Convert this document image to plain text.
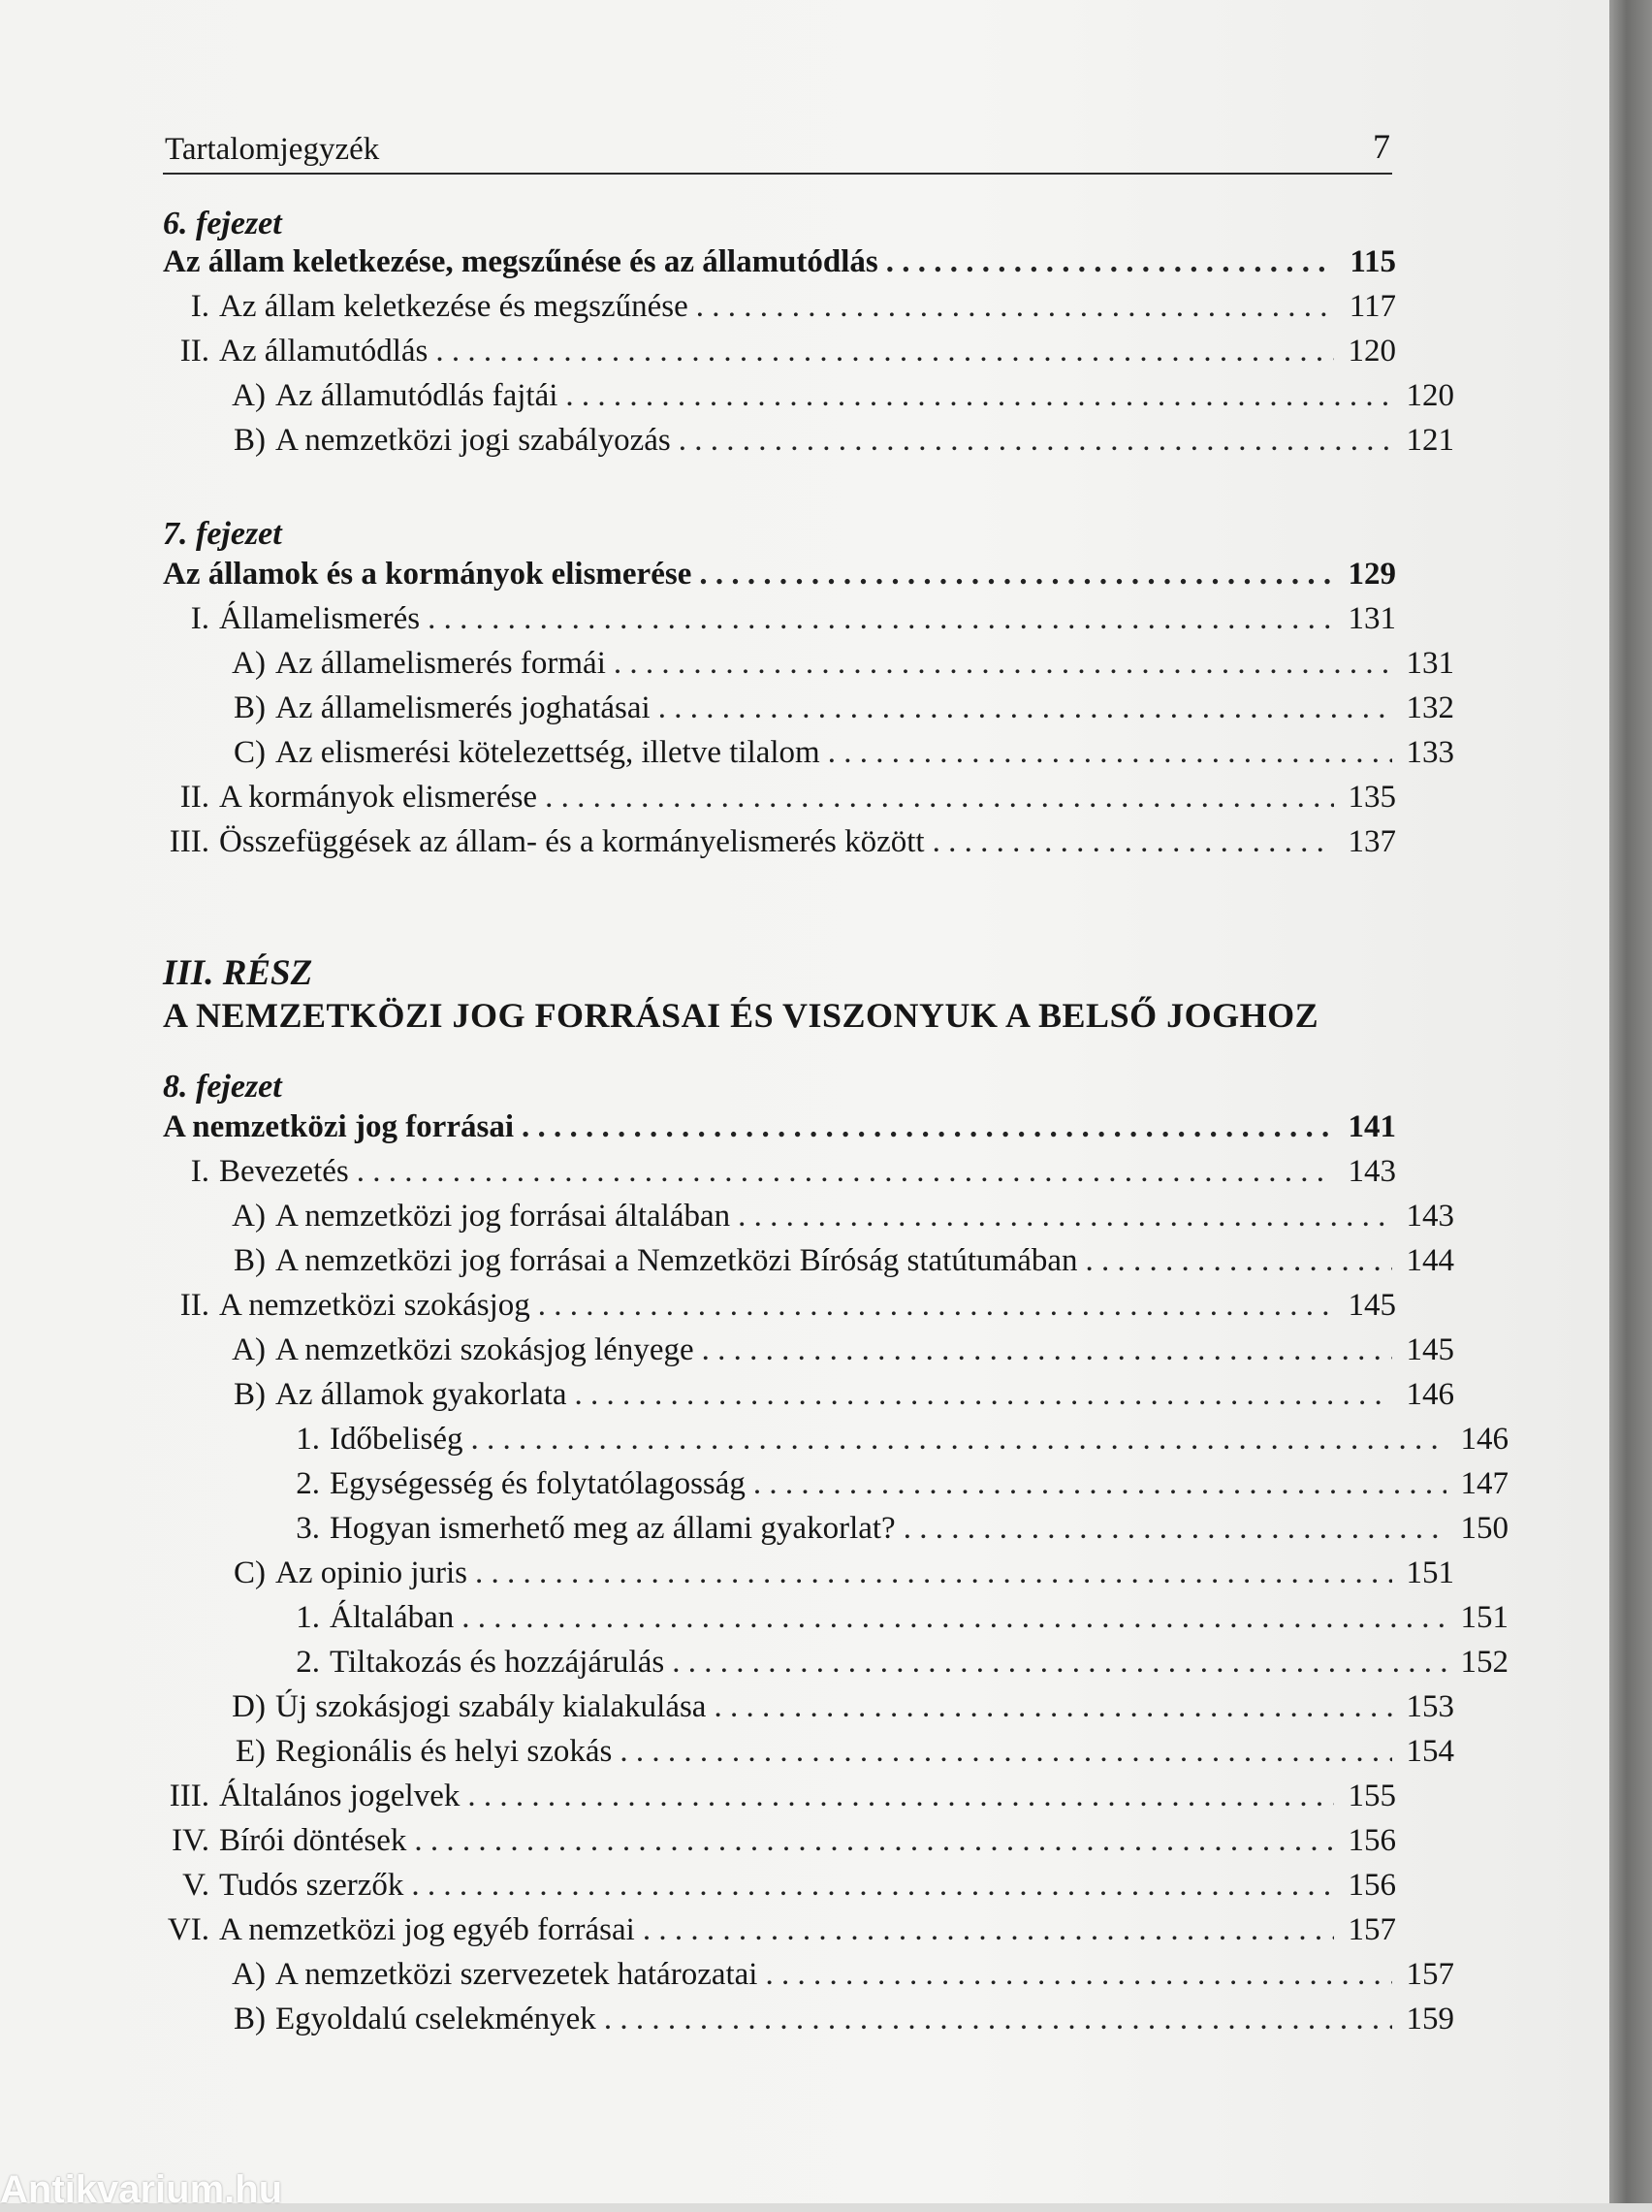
Tartalomjegyzék	7
6. fejezet
Az állam keletkezése, megszűnése és az államutódlás . . .	115
I. Az állam keletkezése és megszűnése . . .	117
II. Az államutódlás . . .	120
A) Az államutódlás fajtái . . .	120
B) A nemzetközi jogi szabályozás . . .	121
7. fejezet
Az államok és a kormányok elismerése . . .	129
I. Államelismerés . . .	131
A) Az államelismerés formái . . .	131
B) Az államelismerés joghatásai . . .	132
C) Az elismerési kötelezettség, illetve tilalom . . .	133
II. A kormányok elismerése . . .	135
III. Összefüggések az állam- és a kormányelismerés között . . .	137
III. RÉSZ
A NEMZETKÖZI JOG FORRÁSAI ÉS VISZONYUK A BELSŐ JOGHOZ
8. fejezet
A nemzetközi jog forrásai . . .	141
I. Bevezetés . . .	143
A) A nemzetközi jog forrásai általában . . .	143
B) A nemzetközi jog forrásai a Nemzetközi Bíróság statútumában . . .	144
II. A nemzetközi szokásjog . . .	145
A) A nemzetközi szokásjog lényege . . .	145
B) Az államok gyakorlata . . .	146
1. Időbeliség . . .	146
2. Egységesség és folytatólagosság . . .	147
3. Hogyan ismerhető meg az állami gyakorlat? . . .	150
C) Az opinio juris . . .	151
1. Általában . . .	151
2. Tiltakozás és hozzájárulás . . .	152
D) Új szokásjogi szabály kialakulása . . .	153
E) Regionális és helyi szokás . . .	154
III. Általános jogelvek . . .	155
IV. Bírói döntések . . .	156
V. Tudós szerzők . . .	156
VI. A nemzetközi jog egyéb forrásai . . .	157
A) A nemzetközi szervezetek határozatai . . .	157
B) Egyoldalú cselekmények . . .	159
Antikvarium.hu
